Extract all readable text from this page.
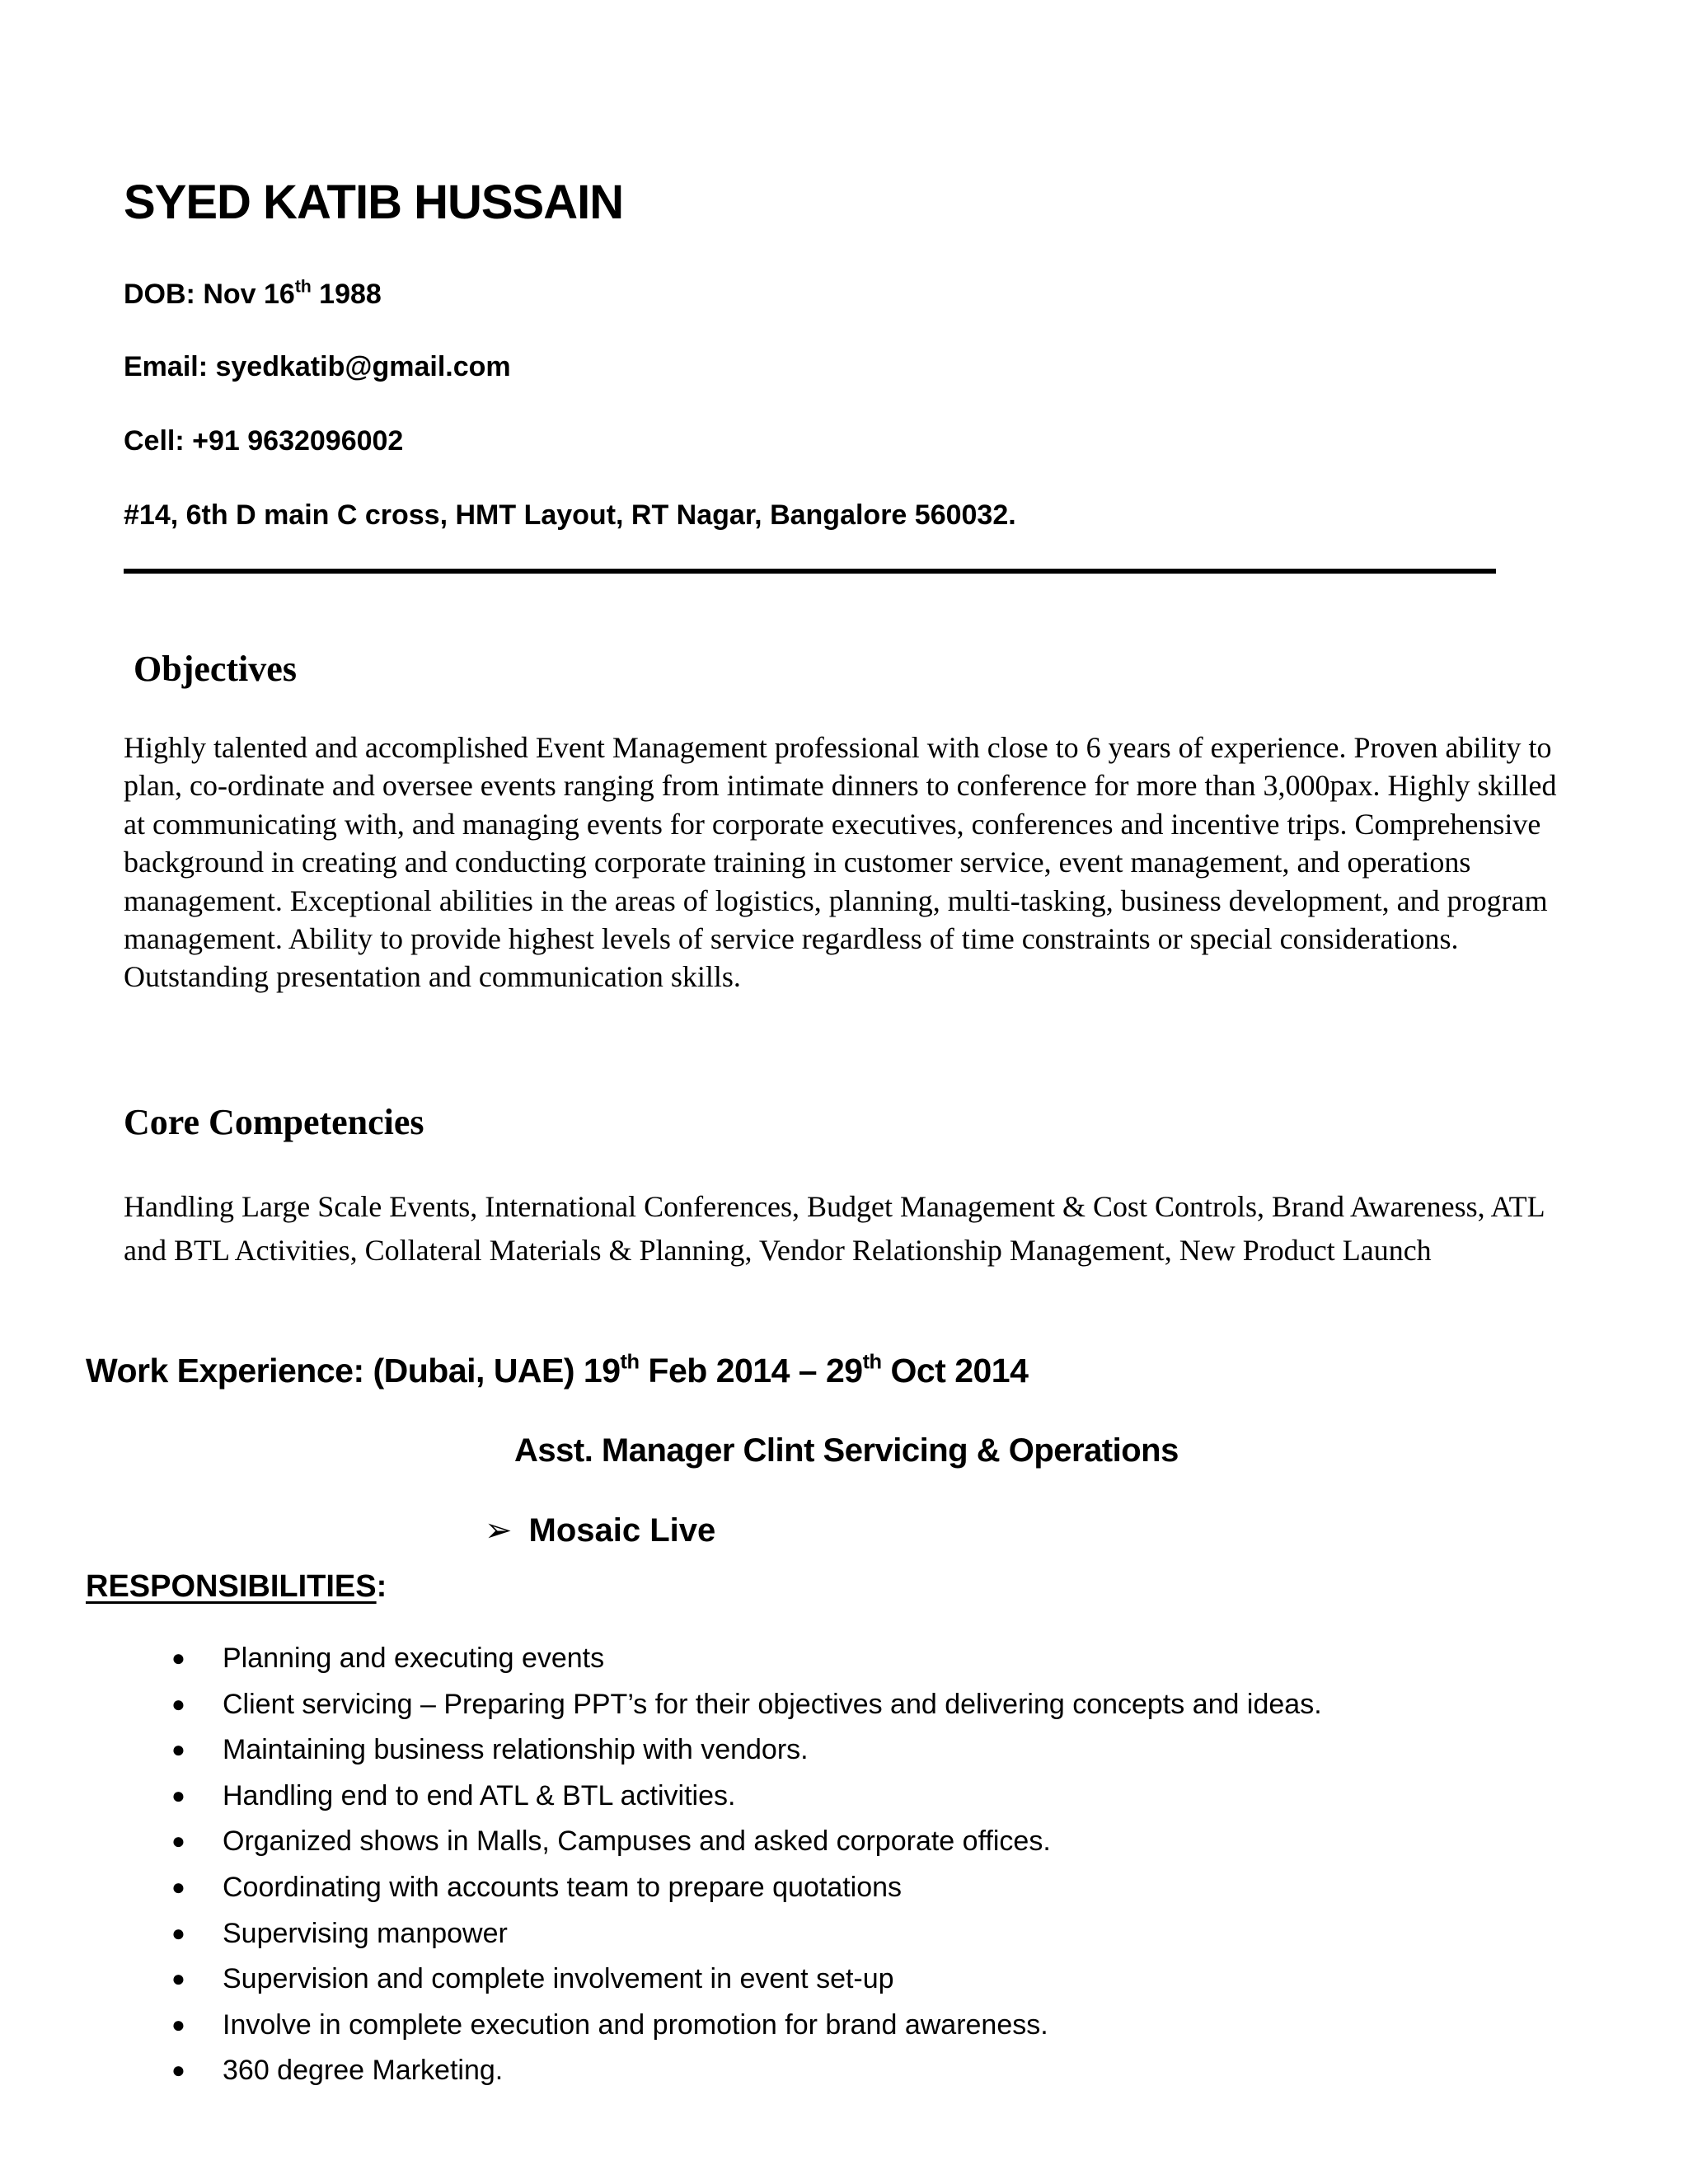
SYED KATIB HUSSAIN
DOB: Nov 16th 1988
Email: syedkatib@gmail.com
Cell: +91 9632096002
#14, 6th D main C cross, HMT Layout, RT Nagar, Bangalore 560032.
Objectives
Highly talented and accomplished Event Management professional with close to 6 years of experience. Proven ability to plan, co-ordinate and oversee events ranging from intimate dinners to conference for more than 3,000pax. Highly skilled at communicating with, and managing events for corporate executives, conferences and incentive trips. Comprehensive background in creating and conducting corporate training in customer service, event management, and operations management. Exceptional abilities in the areas of logistics, planning, multi-tasking, business development, and program management. Ability to provide highest levels of service regardless of time constraints or special considerations. Outstanding presentation and communication skills.
Core Competencies
Handling Large Scale Events, International Conferences, Budget Management & Cost Controls, Brand Awareness, ATL and BTL Activities, Collateral Materials & Planning, Vendor Relationship Management, New Product Launch
Work Experience: (Dubai, UAE) 19th Feb 2014 – 29th Oct 2014
Asst. Manager Clint Servicing & Operations
➢ Mosaic Live
RESPONSIBILITIES:
● Planning and executing events
● Client servicing – Preparing PPT’s for their objectives and delivering concepts and ideas.
● Maintaining business relationship with vendors.
● Handling end to end ATL & BTL activities.
● Organized shows in Malls, Campuses and asked corporate offices.
● Coordinating with accounts team to prepare quotations
● Supervising manpower
● Supervision and complete involvement in event set-up
● Involve in complete execution and promotion for brand awareness.
● 360 degree Marketing.
